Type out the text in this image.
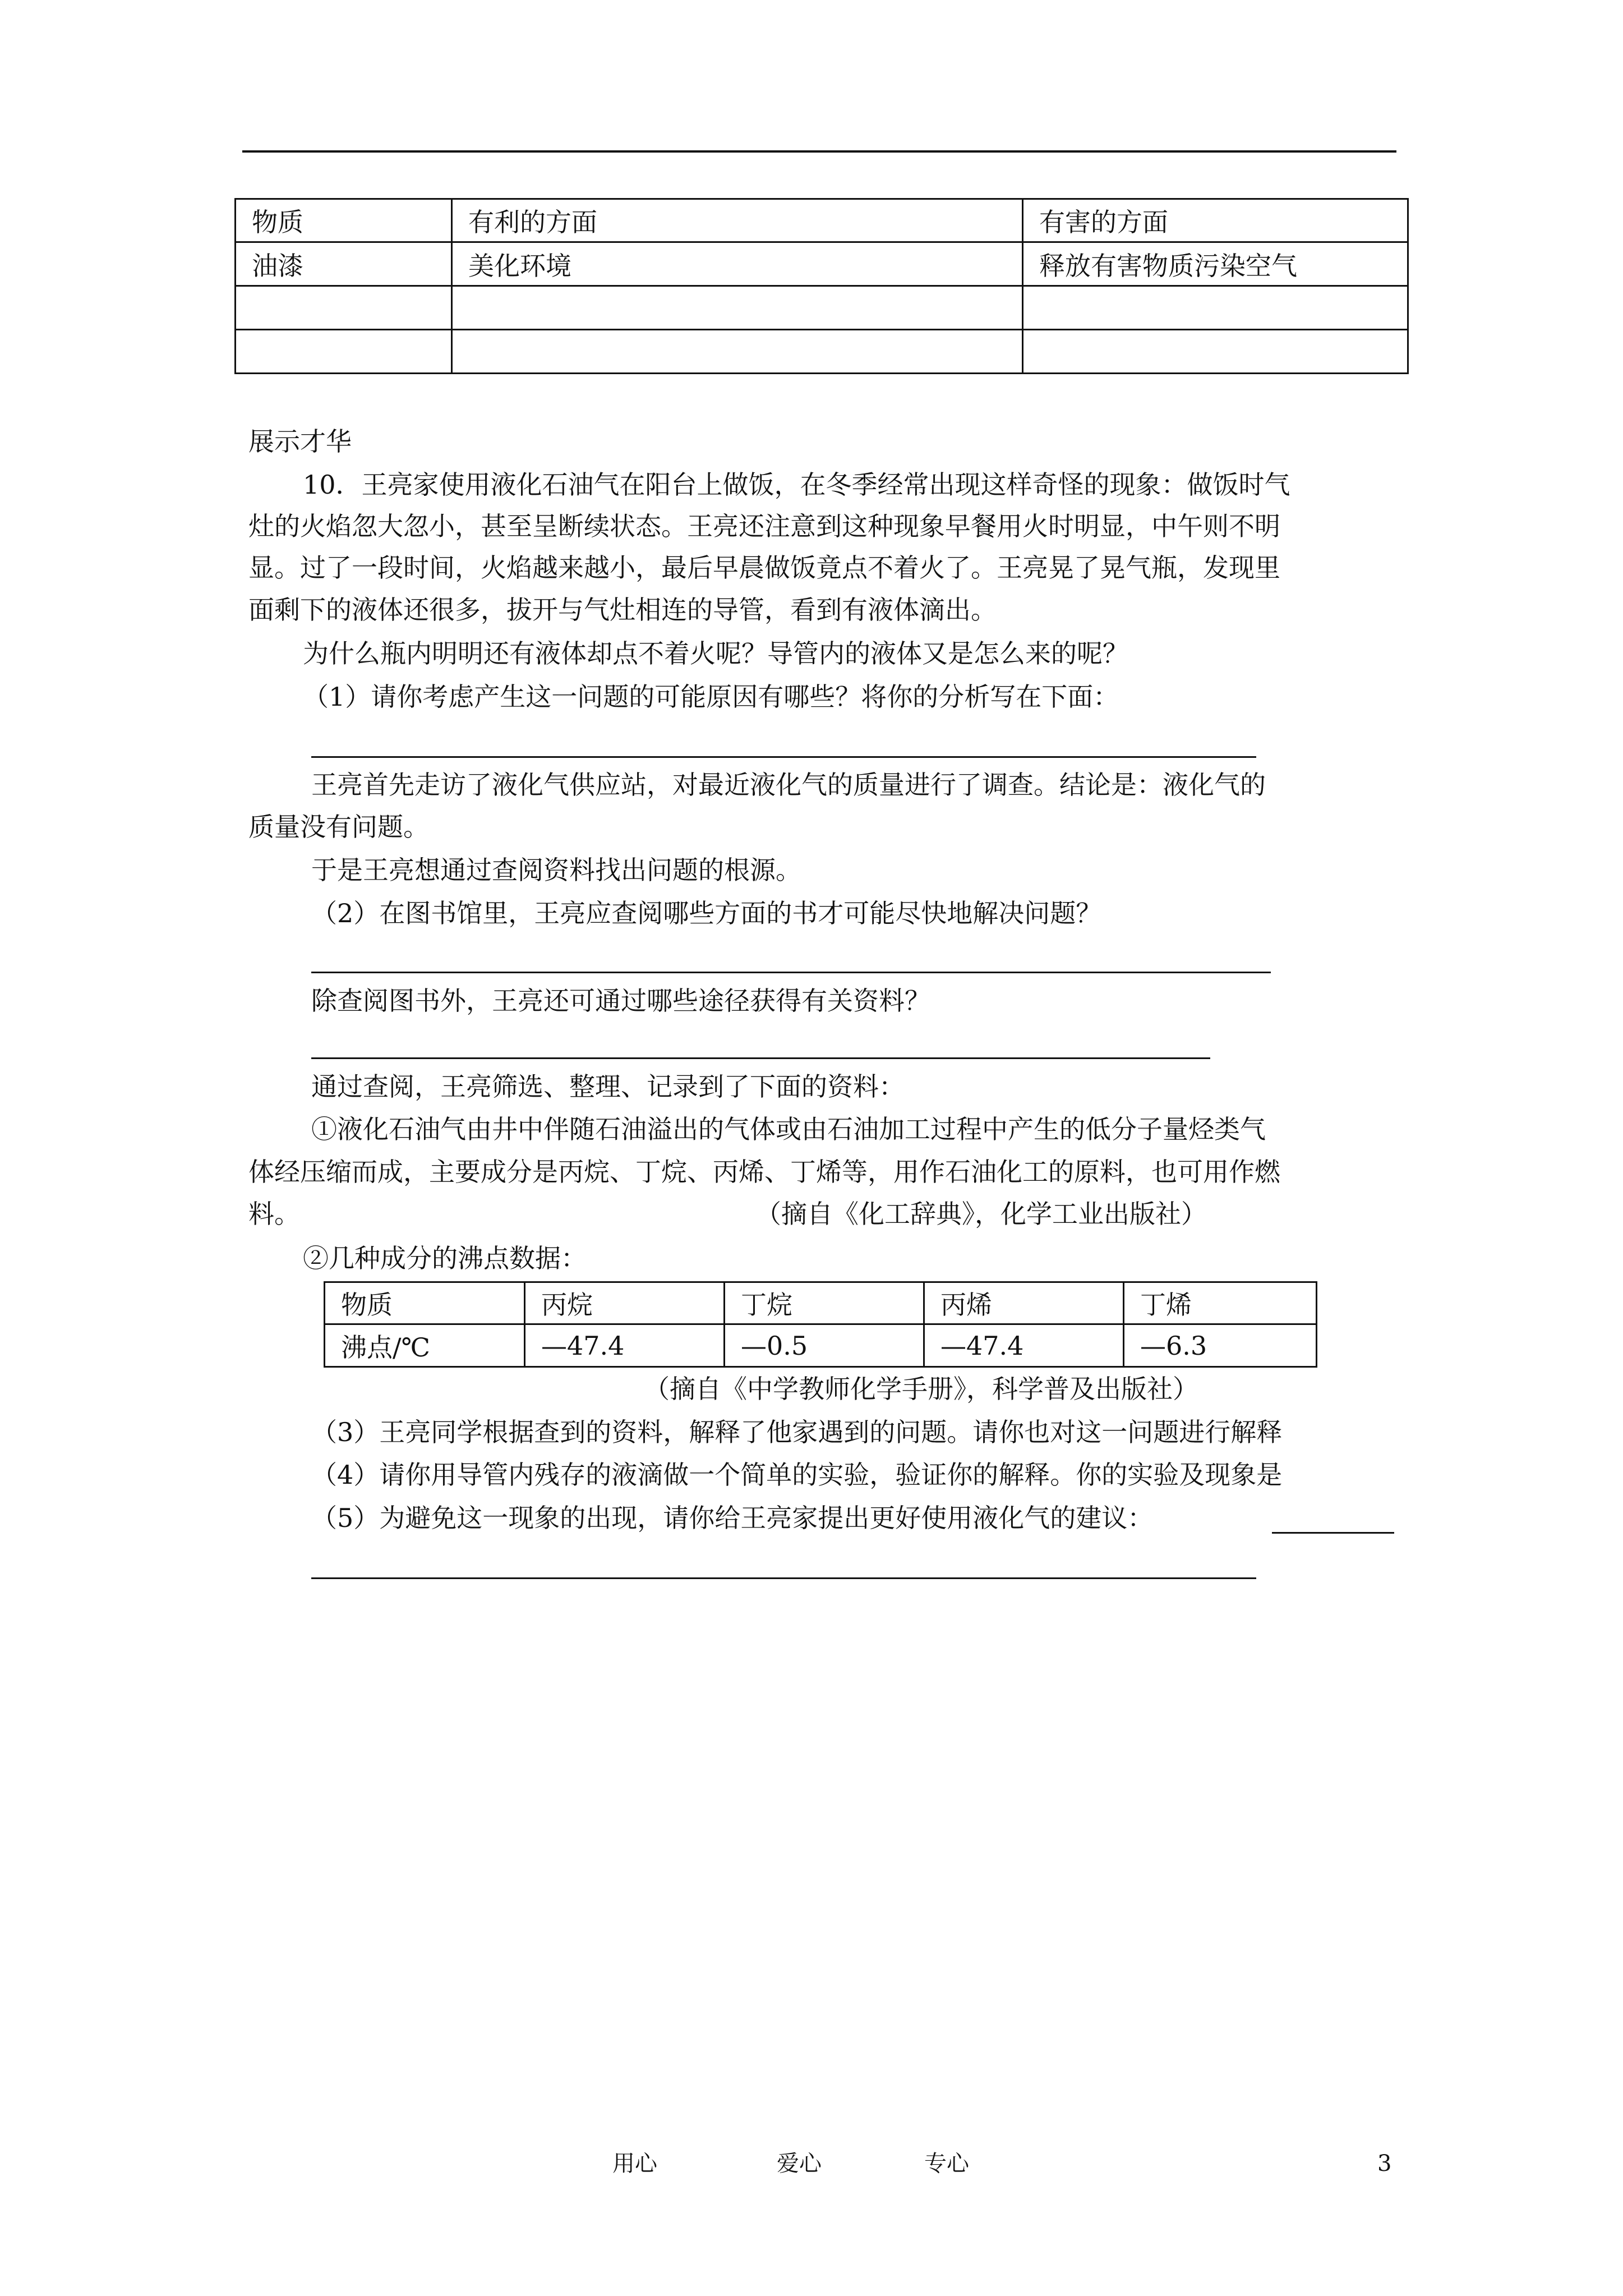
物质	有利的方面	有害的方面
油漆	美化环境	释放有害物质污染空气

展示才华
10．王亮家使用液化石油气在阳台上做饭，在冬季经常出现这样奇怪的现象：做饭时气
灶的火焰忽大忽小，甚至呈断续状态。王亮还注意到这种现象早餐用火时明显，中午则不明
显。过了一段时间，火焰越来越小，最后早晨做饭竟点不着火了。王亮晃了晃气瓶，发现里
面剩下的液体还很多，拔开与气灶相连的导管，看到有液体滴出。
为什么瓶内明明还有液体却点不着火呢？导管内的液体又是怎么来的呢？
（1）请你考虑产生这一问题的可能原因有哪些？将你的分析写在下面：
王亮首先走访了液化气供应站，对最近液化气的质量进行了调查。结论是：液化气的
质量没有问题。
于是王亮想通过查阅资料找出问题的根源。
（2）在图书馆里，王亮应查阅哪些方面的书才可能尽快地解决问题？
除查阅图书外，王亮还可通过哪些途径获得有关资料？
通过查阅，王亮筛选、整理、记录到了下面的资料：
①液化石油气由井中伴随石油溢出的气体或由石油加工过程中产生的低分子量烃类气
体经压缩而成，主要成分是丙烷、丁烷、丙烯、丁烯等，用作石油化工的原料，也可用作燃
料。	（摘自《化工辞典》，化学工业出版社）
②几种成分的沸点数据：
物质	丙烷	丁烷	丙烯	丁烯
沸点/℃	—47.4	—0.5	—47.4	—6.3
（摘自《中学教师化学手册》，科学普及出版社）
（3）王亮同学根据查到的资料，解释了他家遇到的问题。请你也对这一问题进行解释
（4）请你用导管内残存的液滴做一个简单的实验，验证你的解释。你的实验及现象是
（5）为避免这一现象的出现，请你给王亮家提出更好使用液化气的建议：
用心	爱心	专心	3
